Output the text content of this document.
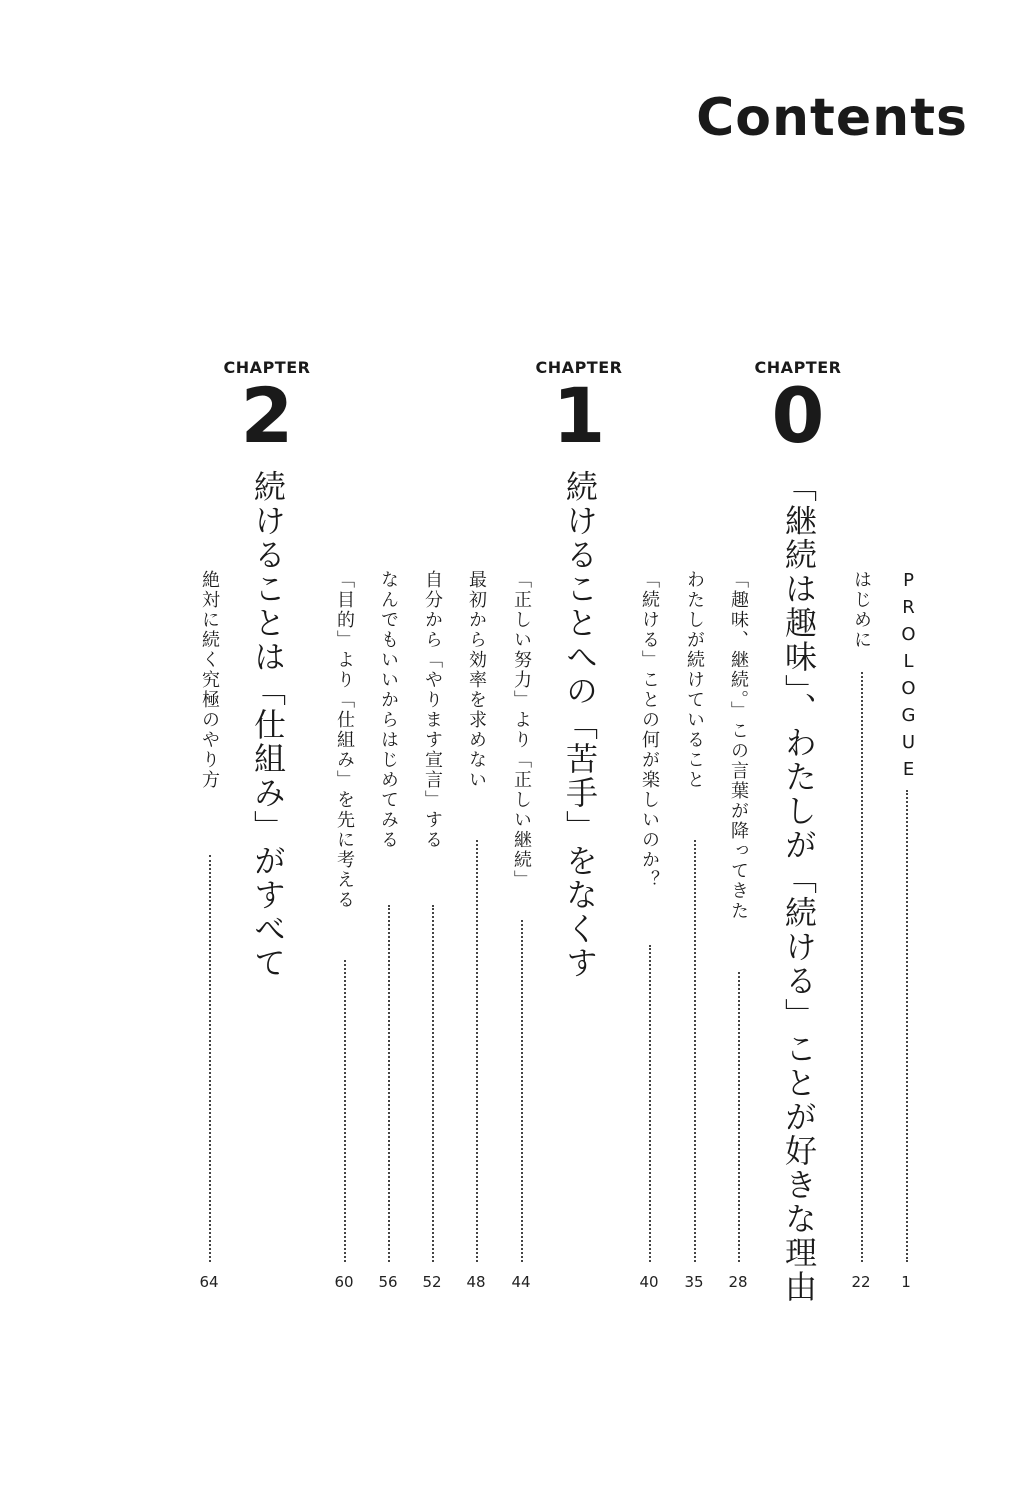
Contents
CHAPTER
0
「継続は趣味」、わたしが「続ける」ことが好きな理由
CHAPTER
1
続けることへの「苦手」をなくす
CHAPTER
2
続けることは「仕組み」がすべて	PROLOGUE
1
はじめに
22
「趣味、継続。」この言葉が降ってきた
28
わたしが続けていること
35
「続ける」ことの何が楽しいのか？
40
「正しい努力」より「正しい継続」
44
最初から効率を求めない
48
自分から「やります宣言」する
52
なんでもいいからはじめてみる
56
「目的」より「仕組み」を先に考える
60
絶対に続く究極のやり方
64
